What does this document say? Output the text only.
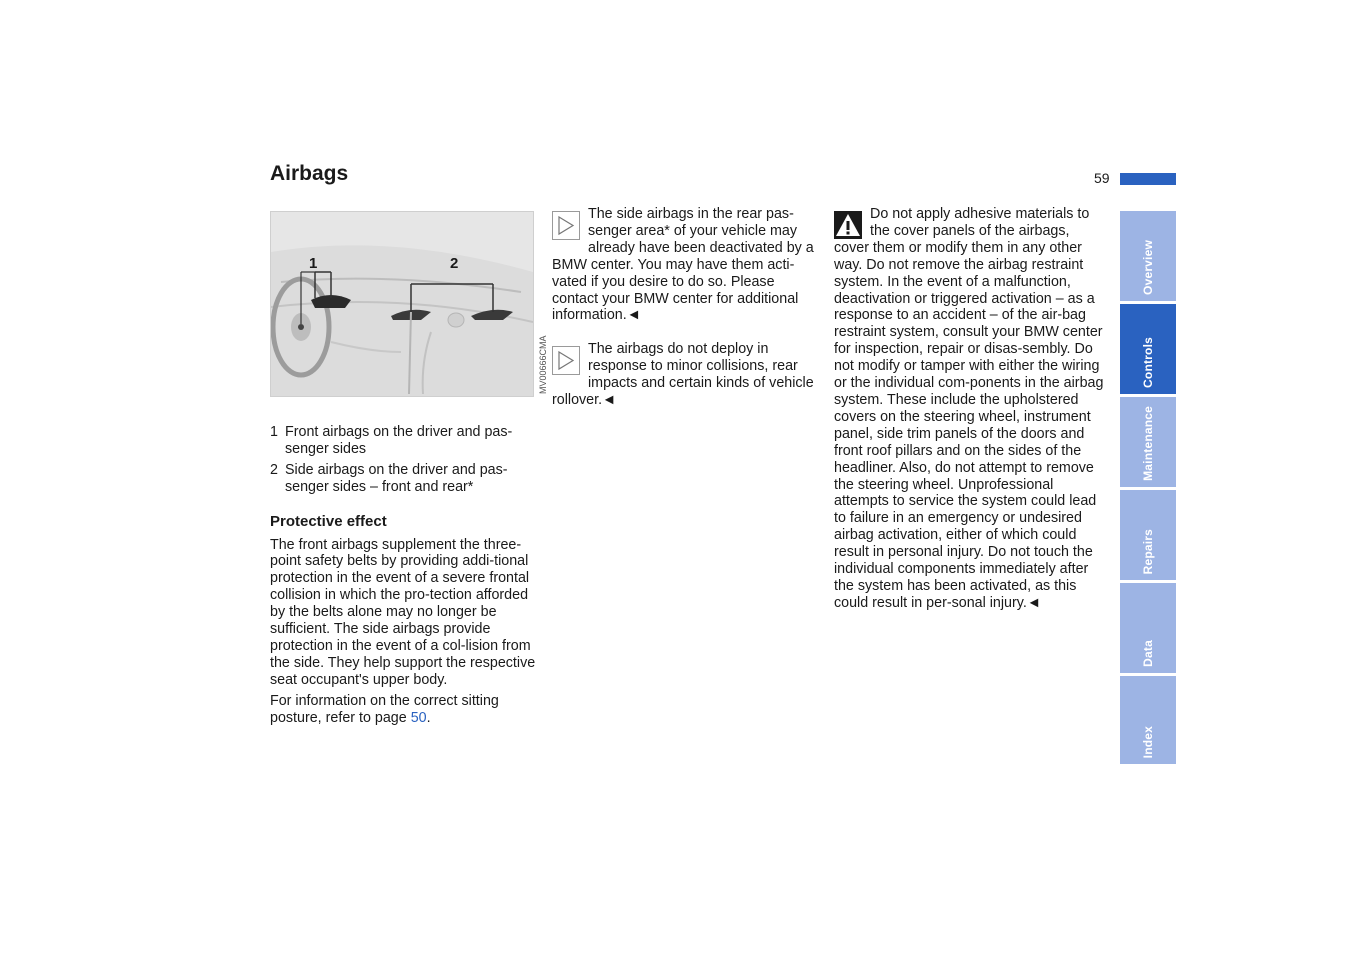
Airbags	59
1	2
MV00666CMA
1 Front airbags on the driver and pas-senger sides
2 Side airbags on the driver and pas-senger sides – front and rear*
Protective effect

The front airbags supplement the three-point safety belts by providing addi-tional protection in the event of a severe frontal collision in which the pro-tection afforded by the belts alone may no longer be sufficient. The side airbags provide protection in the event of a col-lision from the side. They help support the respective seat occupant's upper body.

For information on the correct sitting posture, refer to page 50.

The side airbags in the rear pas-senger area* of your vehicle may already have been deactivated by a BMW center. You may have them acti-vated if you desire to do so. Please contact your BMW center for additional information.◄
The airbags do not deploy in response to minor collisions, rear impacts and certain kinds of vehicle rollover.◄
Do not apply adhesive materials to the cover panels of the airbags, cover them or modify them in any other way. Do not remove the airbag restraint system. In the event of a malfunction, deactivation or triggered activation – as a response to an accident – of the air-bag restraint system, consult your BMW center for inspection, repair or disas-sembly. Do not modify or tamper with either the wiring or the individual com-ponents in the airbag system. These include the upholstered covers on the steering wheel, instrument panel, side trim panels of the doors and front roof pillars and on the sides of the headliner. Also, do not attempt to remove the steering wheel. Unprofessional attempts to service the system could lead to failure in an emergency or undesired airbag activation, either of which could result in personal injury. Do not touch the individual components immediately after the system has been activated, as this could result in per-sonal injury.◄
Overview
Controls
Maintenance
Repairs
Data
Index
